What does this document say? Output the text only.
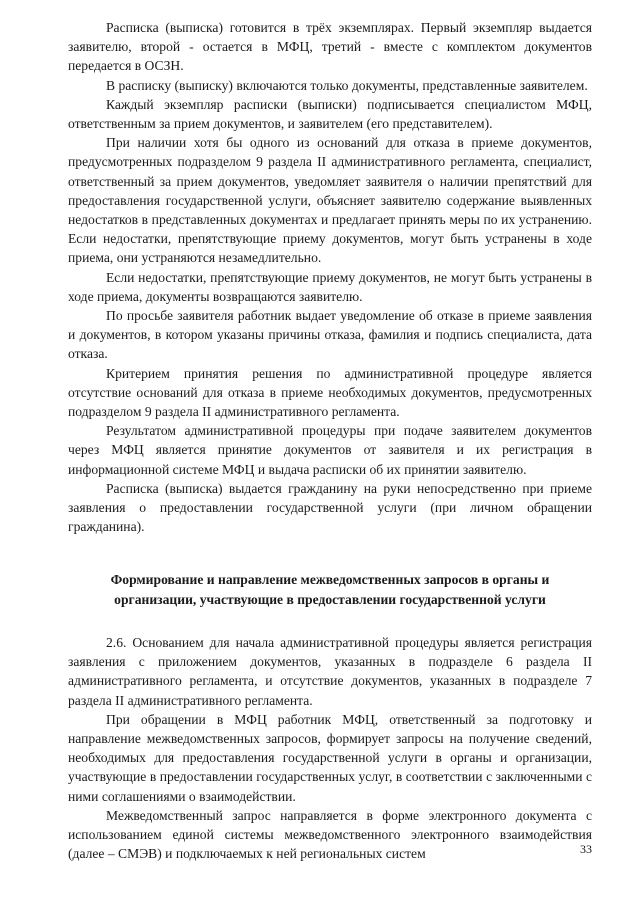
Расписка (выписка) готовится в трёх экземплярах. Первый экземпляр выдается заявителю, второй - остается в МФЦ, третий - вместе с комплектом документов передается в ОСЗН.

В расписку (выписку) включаются только документы, представленные заявителем.

Каждый экземпляр расписки (выписки) подписывается специалистом МФЦ, ответственным за прием документов, и заявителем (его представителем).

При наличии хотя бы одного из оснований для отказа в приеме документов, предусмотренных подразделом 9 раздела II административного регламента, специалист, ответственный за прием документов, уведомляет заявителя о наличии препятствий для предоставления государственной услуги, объясняет заявителю содержание выявленных недостатков в представленных документах и предлагает принять меры по их устранению. Если недостатки, препятствующие приему документов, могут быть устранены в ходе приема, они устраняются незамедлительно.

Если недостатки, препятствующие приему документов, не могут быть устранены в ходе приема, документы возвращаются заявителю.

По просьбе заявителя работник выдает уведомление об отказе в приеме заявления и документов, в котором указаны причины отказа, фамилия и подпись специалиста, дата отказа.

Критерием принятия решения по административной процедуре является отсутствие оснований для отказа в приеме необходимых документов, предусмотренных подразделом 9 раздела II административного регламента.

Результатом административной процедуры при подаче заявителем документов через МФЦ является принятие документов от заявителя и их регистрация в информационной системе МФЦ и выдача расписки об их принятии заявителю.

Расписка (выписка) выдается гражданину на руки непосредственно при приеме заявления о предоставлении государственной услуги (при личном обращении гражданина).

Формирование и направление межведомственных запросов в органы и организации, участвующие в предоставлении государственной услуги

2.6. Основанием для начала административной процедуры является регистрация заявления с приложением документов, указанных в подразделе 6 раздела II административного регламента, и отсутствие документов, указанных в подразделе 7 раздела II административного регламента.

При обращении в МФЦ работник МФЦ, ответственный за подготовку и направление межведомственных запросов, формирует запросы на получение сведений, необходимых для предоставления государственной услуги в органы и организации, участвующие в предоставлении государственных услуг, в соответствии с заключенными с ними соглашениями о взаимодействии.

Межведомственный запрос направляется в форме электронного документа с использованием единой системы межведомственного электронного взаимодействия (далее – СМЭВ) и подключаемых к ней региональных систем	33
